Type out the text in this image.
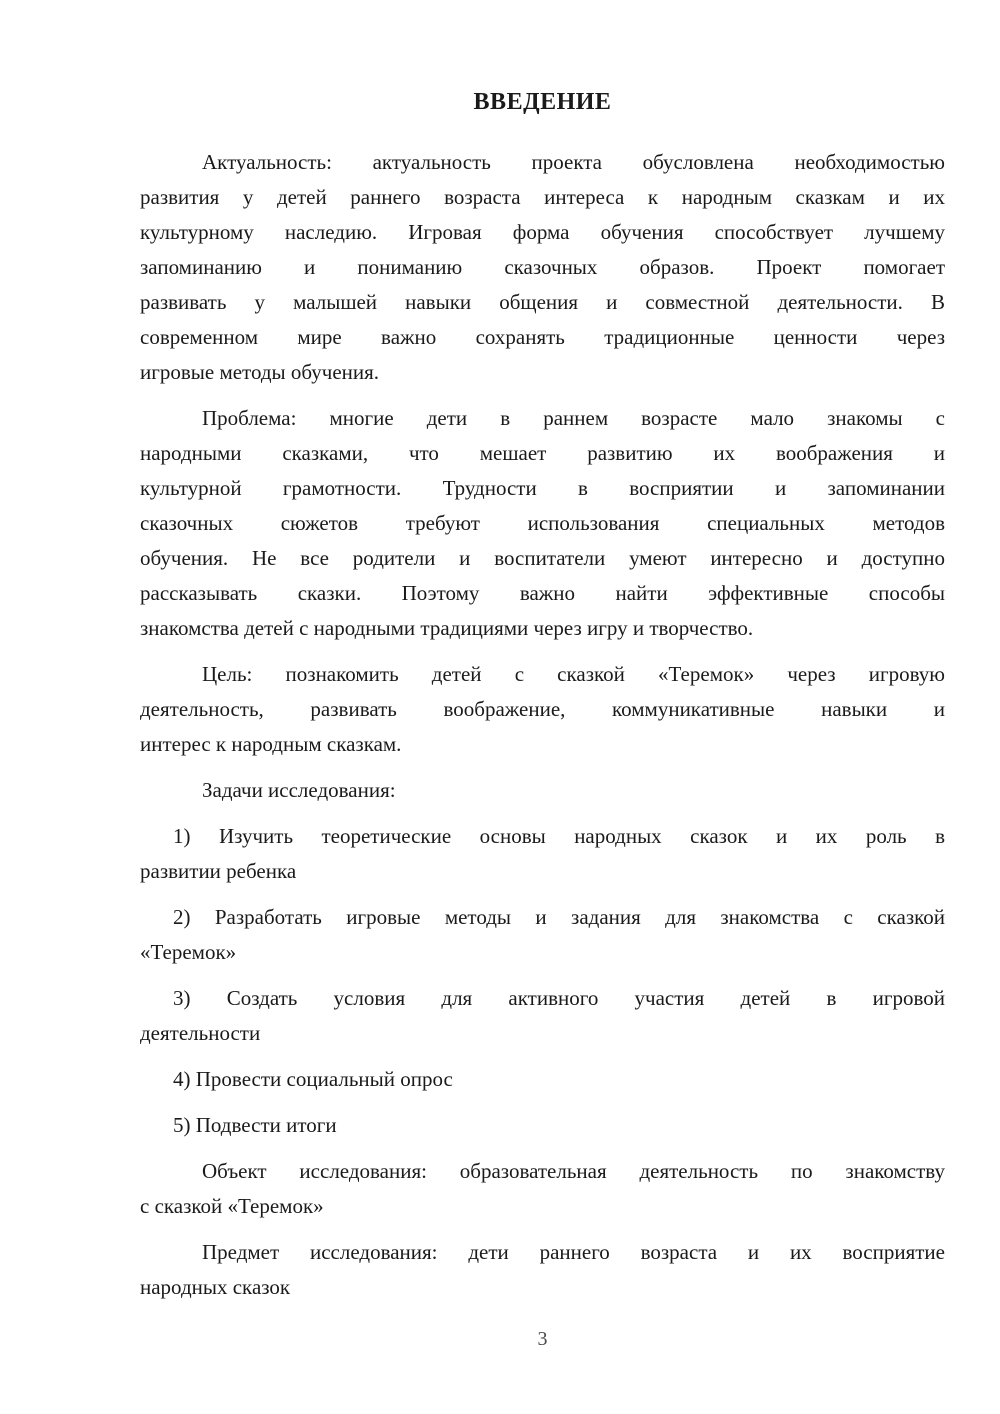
ВВЕДЕНИЕ
Актуальность: актуальность проекта обусловлена необходимостью
развития у детей раннего возраста интереса к народным сказкам и их
культурному наследию. Игровая форма обучения способствует лучшему
запоминанию и пониманию сказочных образов. Проект помогает
развивать у малышей навыки общения и совместной деятельности. В
современном мире важно сохранять традиционные ценности через
игровые методы обучения.
Проблема: многие дети в раннем возрасте мало знакомы с
народными сказками, что мешает развитию их воображения и
культурной грамотности. Трудности в восприятии и запоминании
сказочных сюжетов требуют использования специальных методов
обучения. Не все родители и воспитатели умеют интересно и доступно
рассказывать сказки. Поэтому важно найти эффективные способы
знакомства детей с народными традициями через игру и творчество.
Цель: познакомить детей с сказкой «Теремок» через игровую
деятельность, развивать воображение, коммуникативные навыки и
интерес к народным сказкам.
Задачи исследования:
1) Изучить теоретические основы народных сказок и их роль в
развитии ребенка
2) Разработать игровые методы и задания для знакомства с сказкой
«Теремок»
3) Создать условия для активного участия детей в игровой
деятельности
4) Провести социальный опрос
5) Подвести итоги
Объект исследования: образовательная деятельность по знакомству
с сказкой «Теремок»
Предмет исследования: дети раннего возраста и их восприятие
народных сказок
3
